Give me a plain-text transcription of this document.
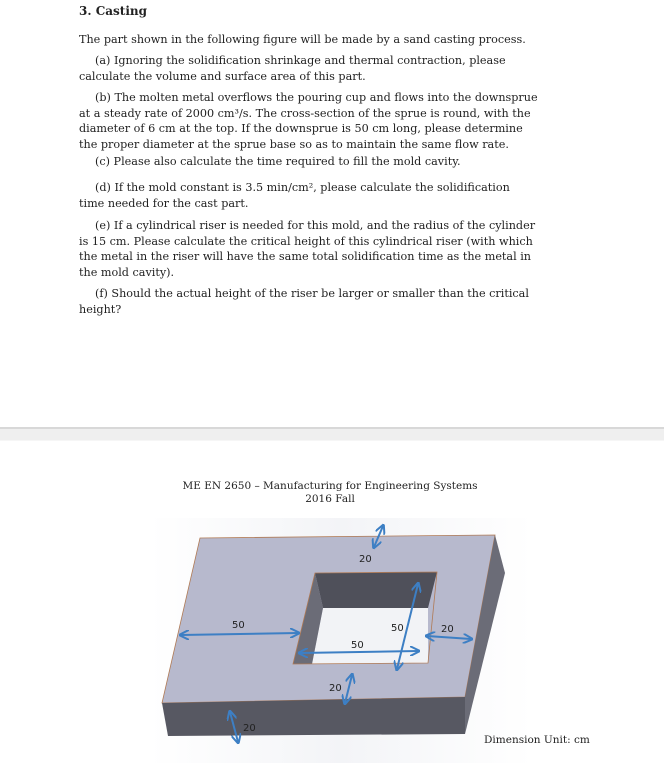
3. Casting
The part shown in the following figure will be made by a sand casting process.
(a) Ignoring the solidification shrinkage and thermal contraction, please
calculate the volume and surface area of this part.
(b) The molten metal overflows the pouring cup and flows into the downsprue
at a steady rate of 2000 cm³/s. The cross-section of the sprue is round, with the
diameter of 6 cm at the top. If the downsprue is 50 cm long, please determine
the proper diameter at the sprue base so as to maintain the same flow rate.
(c) Please also calculate the time required to fill the mold cavity.
(d) If the mold constant is 3.5 min/cm², please calculate the solidification
time needed for the cast part.
(e) If a cylindrical riser is needed for this mold, and the radius of the cylinder
is 15 cm. Please calculate the critical height of this cylindrical riser (with which
the metal in the riser will have the same total solidification time as the metal in
the mold cavity).
(f) Should the actual height of the riser be larger or smaller than the critical
height?
ME EN 2650 – Manufacturing for Engineering Systems
2016 Fall
20
50
50
50	20
20
20
Dimension Unit: cm
